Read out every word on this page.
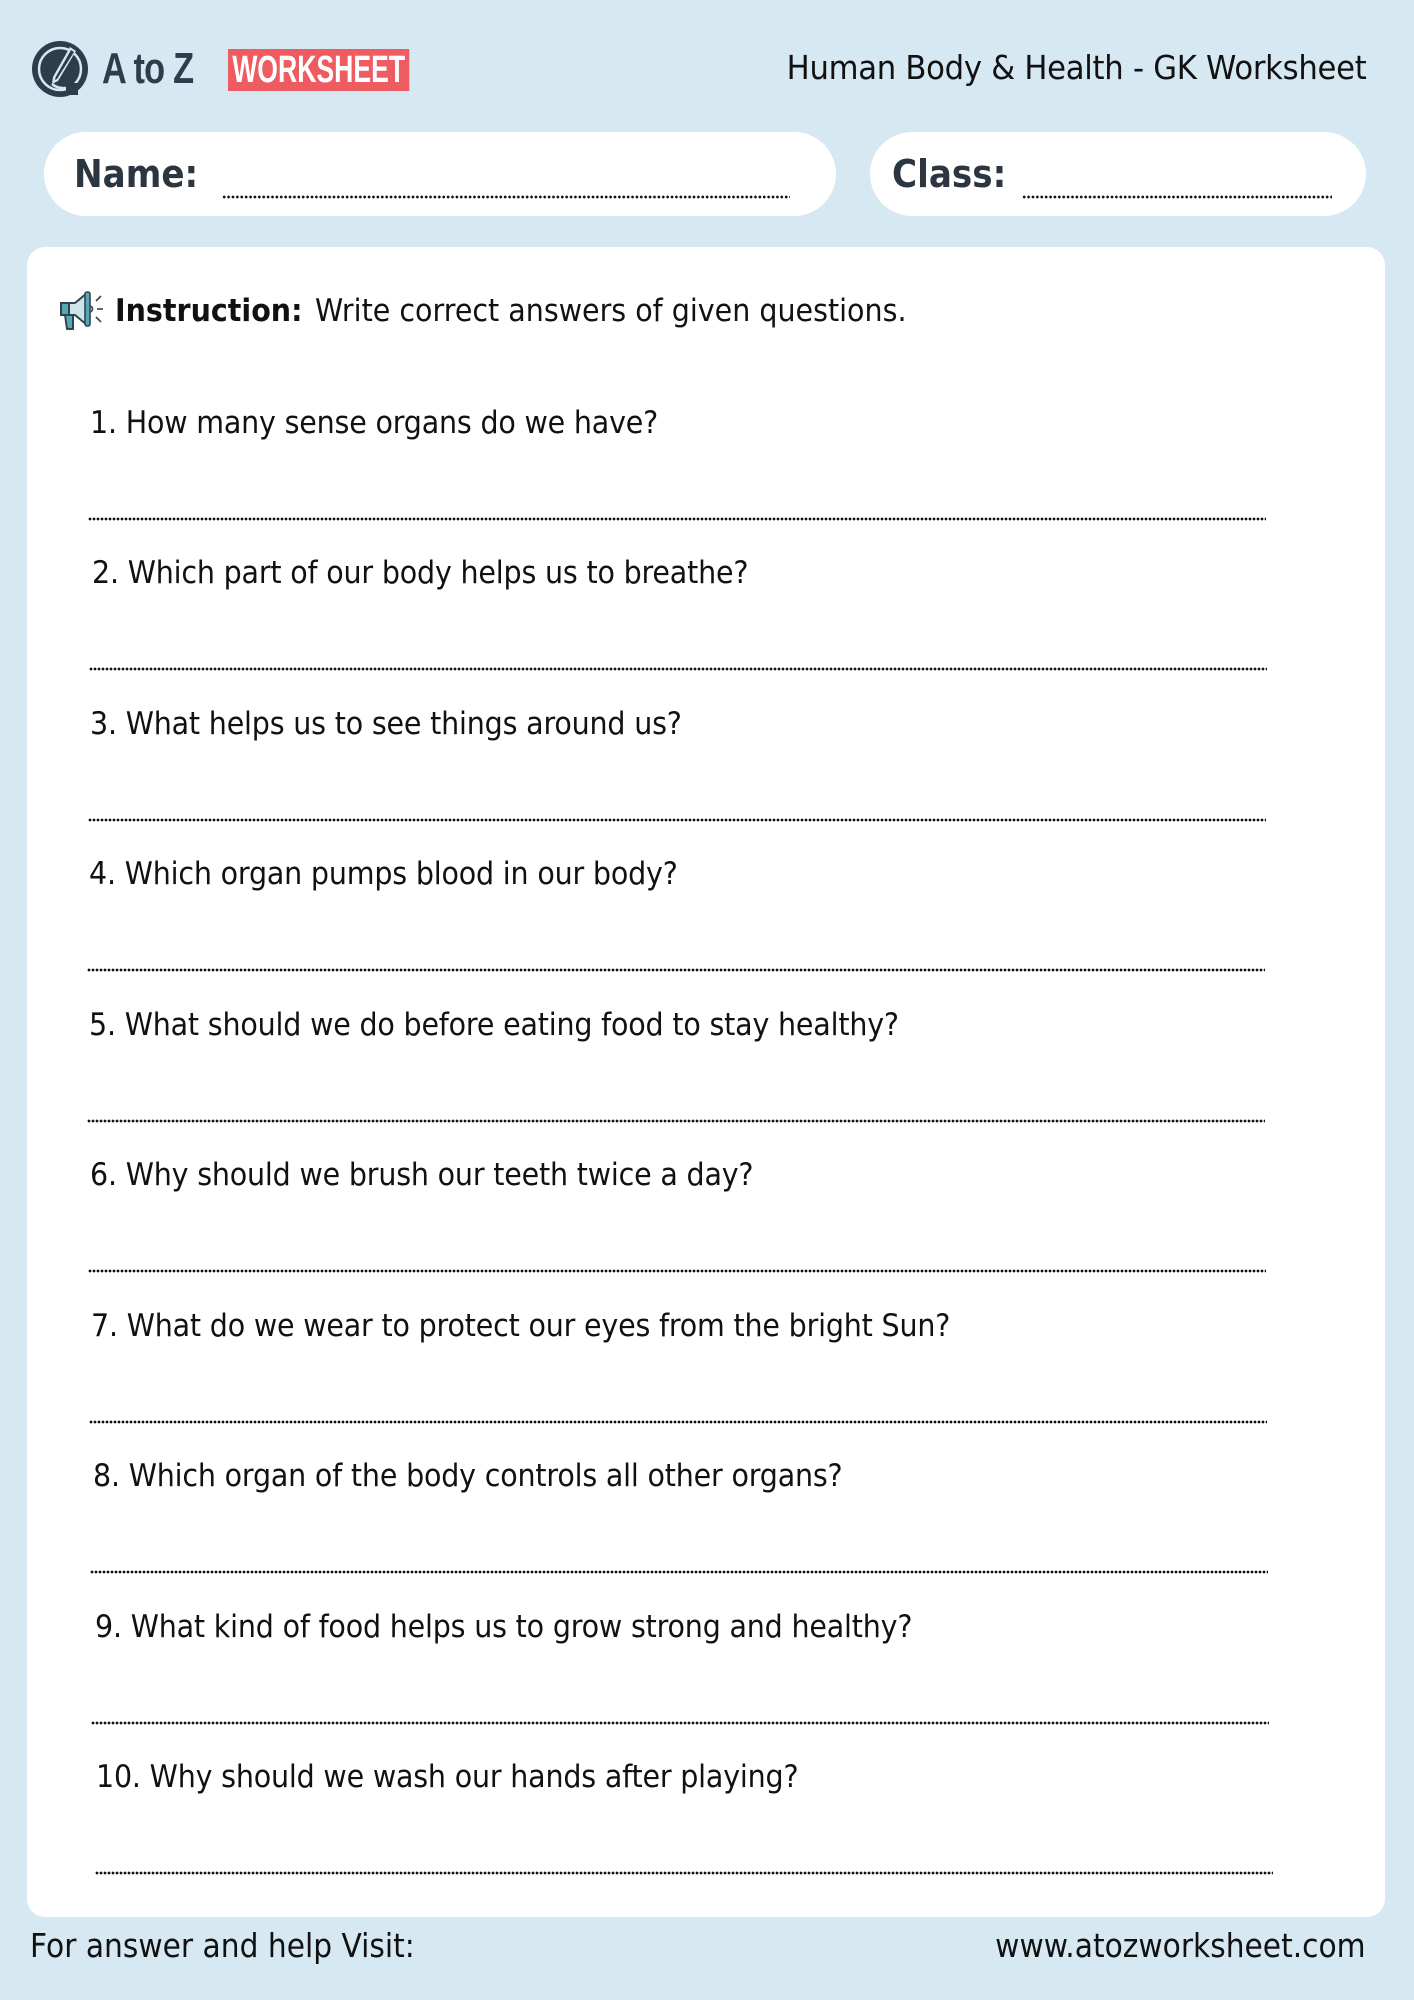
A to Z WORKSHEET	Human Body & Health - GK Worksheet
Name:	Class:
Instruction: Write correct answers of given questions.
1. How many sense organs do we have?
2. Which part of our body helps us to breathe?
3. What helps us to see things around us?
4. Which organ pumps blood in our body?
5. What should we do before eating food to stay healthy?
6. Why should we brush our teeth twice a day?
7. What do we wear to protect our eyes from the bright Sun?
8. Which organ of the body controls all other organs?
9. What kind of food helps us to grow strong and healthy?
10. Why should we wash our hands after playing?
For answer and help Visit:	www.atozworksheet.com
